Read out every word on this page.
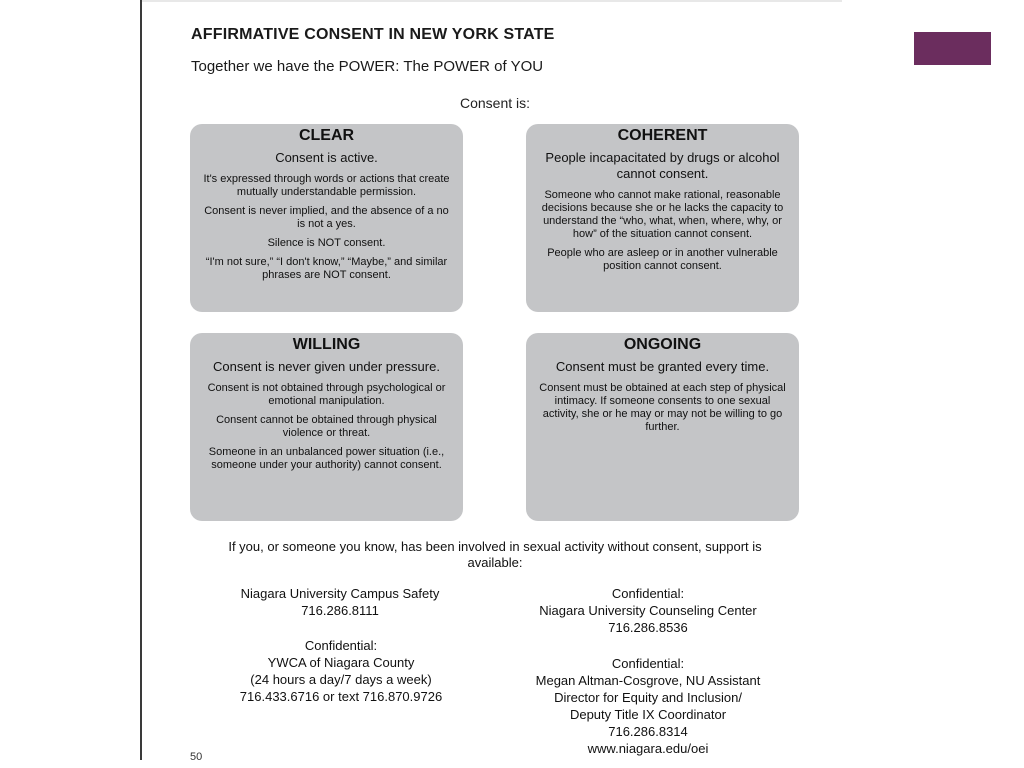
AFFIRMATIVE CONSENT IN NEW YORK STATE
Together we have the POWER: The POWER of YOU
Consent is:
CLEAR

Consent is active.

It's expressed through words or actions that create mutually understandable permission.

Consent is never implied, and the absence of a no is not a yes.

Silence is NOT consent.

“I'm not sure,” “I don't know,” “Maybe,” and similar phrases are NOT consent.

COHERENT

People incapacitated by drugs or alcohol cannot consent.

Someone who cannot make rational, reasonable decisions because she or he lacks the capacity to understand the “who, what, when, where, why, or how” of the situation cannot consent.

People who are asleep or in another vulnerable position cannot consent.

WILLING

Consent is never given under pressure.

Consent is not obtained through psychological or emotional manipulation.

Consent cannot be obtained through physical violence or threat.

Someone in an unbalanced power situation (i.e., someone under your authority) cannot consent.

ONGOING

Consent must be granted every time.

Consent must be obtained at each step of physical intimacy. If someone consents to one sexual activity, she or he may or may not be willing to go further.

If you, or someone you know, has been involved in sexual activity without consent, support is available:
Niagara University Campus Safety
716.286.8111
Confidential:
Niagara University Counseling Center
716.286.8536
Confidential:
YWCA of Niagara County
(24 hours a day/7 days a week)
716.433.6716 or text 716.870.9726
Confidential:
Megan Altman-Cosgrove, NU Assistant
Director for Equity and Inclusion/
Deputy Title IX Coordinator
716.286.8314
www.niagara.edu/oei
50
